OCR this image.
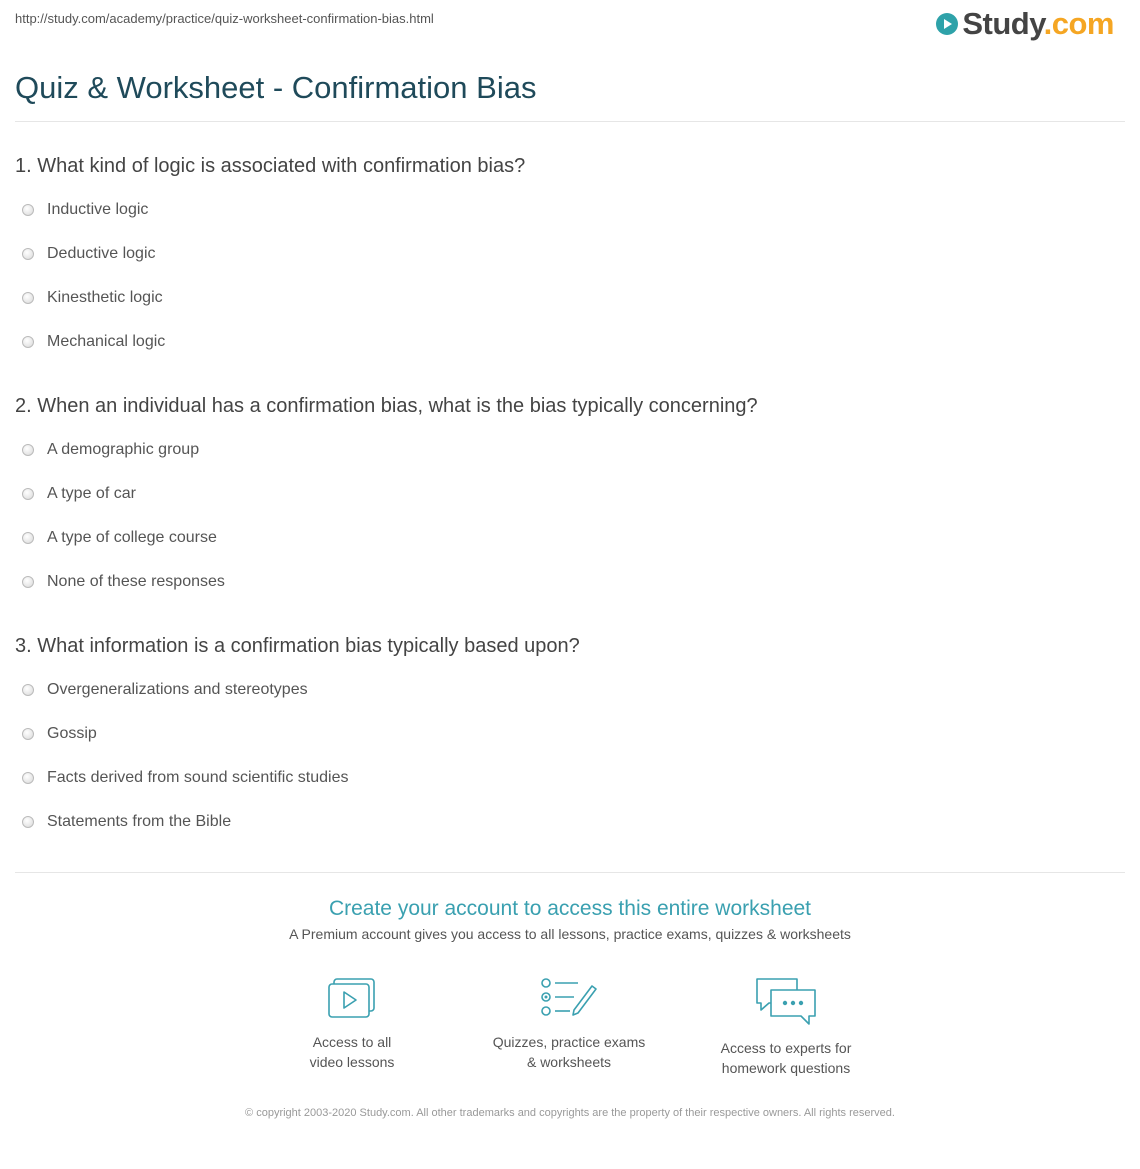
http://study.com/academy/practice/quiz-worksheet-confirmation-bias.html	Study.com
Quiz & Worksheet - Confirmation Bias
1. What kind of logic is associated with confirmation bias?
Inductive logic
Deductive logic
Kinesthetic logic
Mechanical logic
2. When an individual has a confirmation bias, what is the bias typically concerning?
A demographic group
A type of car
A type of college course
None of these responses
3. What information is a confirmation bias typically based upon?
Overgeneralizations and stereotypes
Gossip
Facts derived from sound scientific studies
Statements from the Bible
Create your account to access this entire worksheet
A Premium account gives you access to all lessons, practice exams, quizzes & worksheets
Access to all
video lessons
Quizzes, practice exams
& worksheets
Access to experts for
homework questions
© copyright 2003-2020 Study.com. All other trademarks and copyrights are the property of their respective owners. All rights reserved.
